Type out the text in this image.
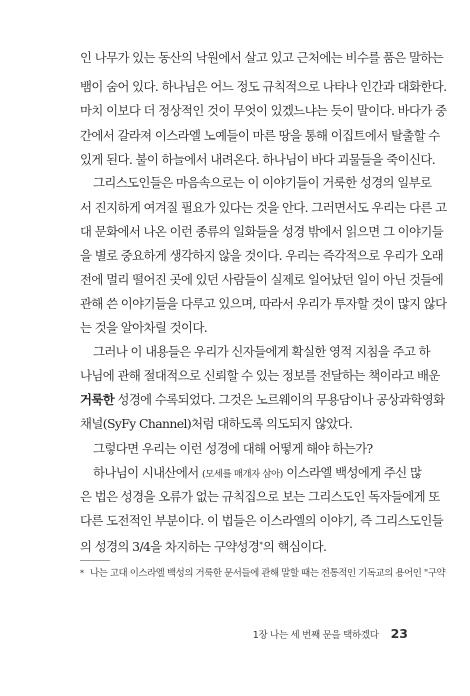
인 나무가 있는 동산의 낙원에서 살고 있고 근처에는 비수를 품은 말하는
뱀이 숨어 있다. 하나님은 어느 정도 규칙적으로 나타나 인간과 대화한다.
마치 이보다 더 정상적인 것이 무엇이 있겠느냐는 듯이 말이다. 바다가 중
간에서 갈라져 이스라엘 노예들이 마른 땅을 통해 이집트에서 탈출할 수
있게 된다. 불이 하늘에서 내려온다. 하나님이 바다 괴물들을 죽이신다.
그리스도인들은 마음속으로는 이 이야기들이 거룩한 성경의 일부로
서 진지하게 여겨질 필요가 있다는 것을 안다. 그러면서도 우리는 다른 고
대 문화에서 나온 이런 종류의 일화들을 성경 밖에서 읽으면 그 이야기들
을 별로 중요하게 생각하지 않을 것이다. 우리는 즉각적으로 우리가 오래
전에 멀리 떨어진 곳에 있던 사람들이 실제로 일어났던 일이 아닌 것들에
관해 쓴 이야기들을 다루고 있으며, 따라서 우리가 투자할 것이 많지 않다
는 것을 알아차릴 것이다.
그러나 이 내용들은 우리가 신자들에게 확실한 영적 지침을 주고 하
나님에 관해 절대적으로 신뢰할 수 있는 정보를 전달하는 책이라고 배운
거룩한 성경에 수록되었다. 그것은 노르웨이의 무용담이나 공상과학영화
채널(SyFy Channel)처럼 대하도록 의도되지 않았다.
그렇다면 우리는 이런 성경에 대해 어떻게 해야 하는가?
하나님이 시내산에서 (모세를 매개자 삼아) 이스라엘 백성에게 주신 많
은 법은 성경을 오류가 없는 규칙집으로 보는 그리스도인 독자들에게 또
다른 도전적인 부분이다. 이 법들은 이스라엘의 이야기, 즉 그리스도인들
의 성경의 3/4을 차지하는 구약성경*의 핵심이다.
* 나는 고대 이스라엘 백성의 거룩한 문서들에 관해 말할 때는 전통적인 기독교의 용어인 "구약
1장 나는 세 번째 문을 택하겠다 23
